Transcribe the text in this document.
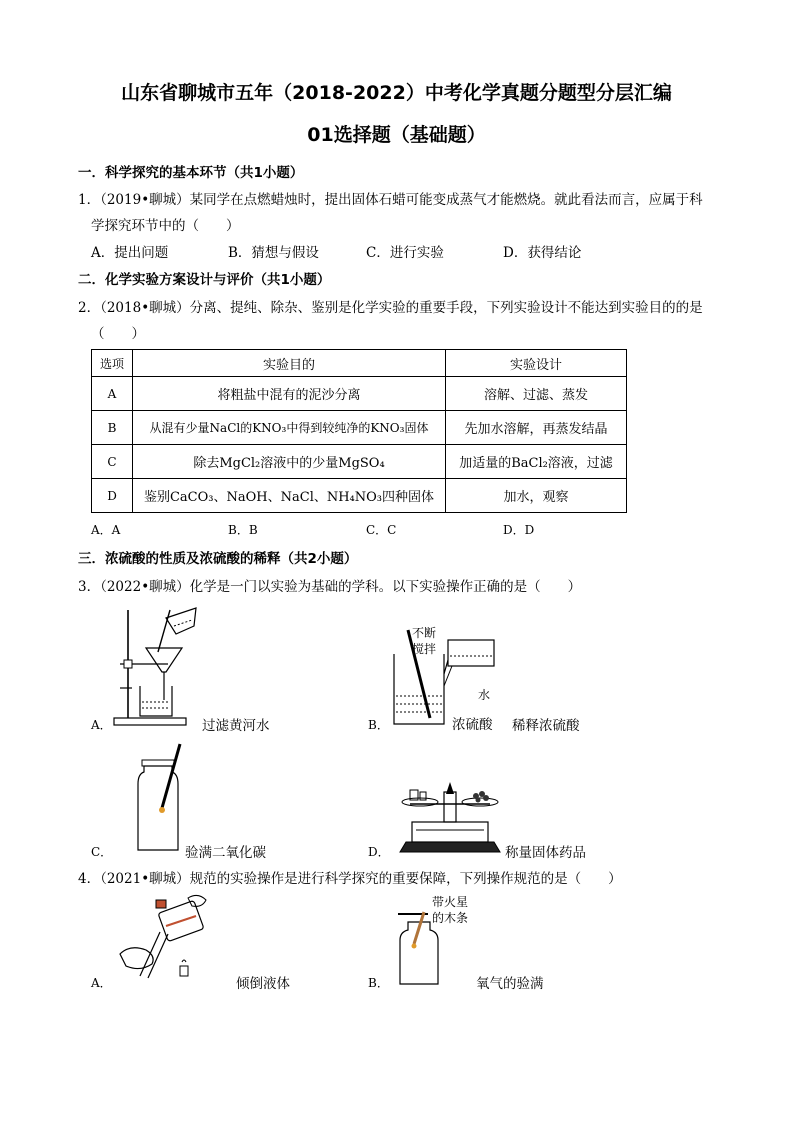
山东省聊城市五年（2018-2022）中考化学真题分题型分层汇编
01选择题（基础题）
一．科学探究的基本环节（共1小题）
1．（2019•聊城）某同学在点燃蜡烛时，提出固体石蜡可能变成蒸气才能燃烧。就此看法而言，应属于科
学探究环节中的（　　）
A．提出问题	B．猜想与假设	C．进行实验	D．获得结论
二．化学实验方案设计与评价（共1小题）
2．（2018•聊城）分离、提纯、除杂、鉴别是化学实验的重要手段，下列实验设计不能达到实验目的的是
（　　）
选项	实验目的	实验设计
A	将粗盐中混有的泥沙分离	溶解、过滤、蒸发
B	从混有少量NaCl的KNO₃中得到较纯净的KNO₃固体	先加水溶解，再蒸发结晶
C	除去MgCl₂溶液中的少量MgSO₄	加适量的BaCl₂溶液，过滤
D	鉴别CaCO₃、NaOH、NaCl、NH₄NO₃四种固体	加水，观察
A．A	B．B	C．C	D．D
三．浓硫酸的性质及浓硫酸的稀释（共2小题）
3．（2022•聊城）化学是一门以实验为基础的学科。以下实验操作正确的是（　　）
A．	过滤黄河水
不断
搅拌
水
B．	浓硫酸 稀释浓硫酸
C．	验满二氧化碳	D．	称量固体药品
4．（2021•聊城）规范的实验操作是进行科学探究的重要保障，下列操作规范的是（　　）
A．	倾倒液体
带火星
的木条
B．	氧气的验满
